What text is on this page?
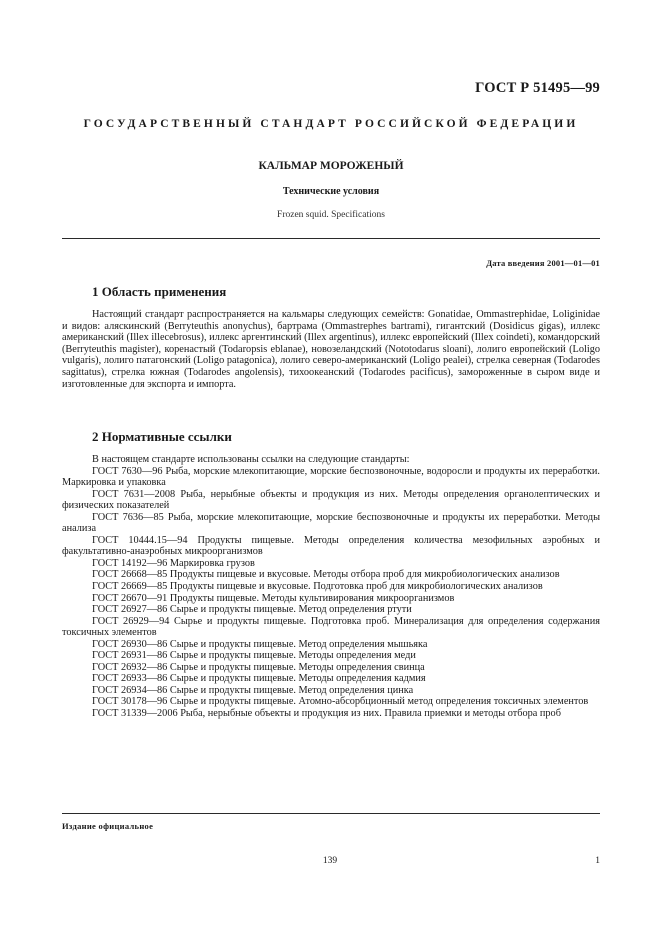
ГОСТ Р 51495—99
ГОСУДАРСТВЕННЫЙ СТАНДАРТ РОССИЙСКОЙ ФЕДЕРАЦИИ
КАЛЬМАР МОРОЖЕНЫЙ
Технические условия
Frozen squid. Specifications
Дата введения 2001—01—01
1 Область применения

Настоящий стандарт распространяется на кальмары следующих семейств: Gonatidae, Ommastrephidae, Loliginidae и видов: аляскинский (Berryteuthis anonychus), бартрама (Ommastrephes bartrami), гигантский (Dosidicus gigas), иллекс американский (Illex illecebrosus), иллекс аргентинский (Illex argentinus), иллекс европейский (Illex coindeti), командорский (Berryteuthis magister), коренастый (Todaropsis eblanae), новозеландский (Nototodarus sloani), лолиго европейский (Loligo vulgaris), лолиго патагонский (Loligo patagonica), лолиго северо-американский (Loligo pealei), стрелка северная (Todarodes sagittatus), стрелка южная (Todarodes angolensis), тихоокеанский (Todarodes pacificus), замороженные в сыром виде и изготовленные для экспорта и импорта.

2 Нормативные ссылки

В настоящем стандарте использованы ссылки на следующие стандарты:

ГОСТ 7630—96 Рыба, морские млекопитающие, морские беспозвоночные, водоросли и продукты их переработки. Маркировка и упаковка

ГОСТ 7631—2008 Рыба, нерыбные объекты и продукция из них. Методы определения органолептических и физических показателей

ГОСТ 7636—85 Рыба, морские млекопитающие, морские беспозвоночные и продукты их переработки. Методы анализа

ГОСТ 10444.15—94 Продукты пищевые. Методы определения количества мезофильных аэробных и факультативно-анаэробных микроорганизмов

ГОСТ 14192—96 Маркировка грузов

ГОСТ 26668—85 Продукты пищевые и вкусовые. Методы отбора проб для микробиологических анализов

ГОСТ 26669—85 Продукты пищевые и вкусовые. Подготовка проб для микробиологических анализов

ГОСТ 26670—91 Продукты пищевые. Методы культивирования микроорганизмов

ГОСТ 26927—86 Сырье и продукты пищевые. Метод определения ртути

ГОСТ 26929—94 Сырье и продукты пищевые. Подготовка проб. Минерализация для определения содержания токсичных элементов

ГОСТ 26930—86 Сырье и продукты пищевые. Метод определения мышьяка

ГОСТ 26931—86 Сырье и продукты пищевые. Методы определения меди

ГОСТ 26932—86 Сырье и продукты пищевые. Методы определения свинца

ГОСТ 26933—86 Сырье и продукты пищевые. Методы определения кадмия

ГОСТ 26934—86 Сырье и продукты пищевые. Метод определения цинка

ГОСТ 30178—96 Сырье и продукты пищевые. Атомно-абсорбционный метод определения токсичных элементов

ГОСТ 31339—2006 Рыба, нерыбные объекты и продукция из них. Правила приемки и методы отбора проб

Издание официальное
139	1
